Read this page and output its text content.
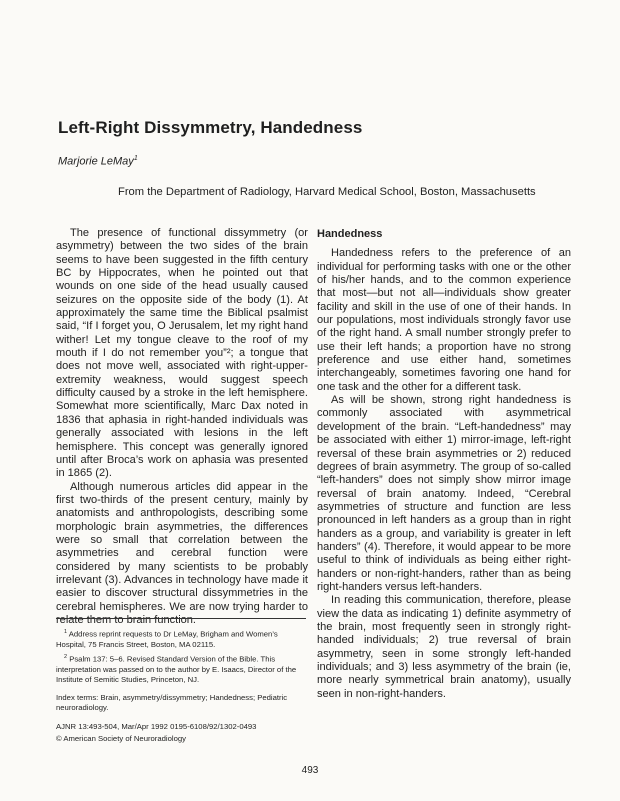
Left-Right Dissymmetry, Handedness
Marjorie LeMay$^1$
From the Department of Radiology, Harvard Medical School, Boston, Massachusetts

The presence of functional dissymmetry (or asymmetry) between the two sides of the brain seems to have been suggested in the fifth century BC by Hippocrates, when he pointed out that wounds on one side of the head usually caused seizures on the opposite side of the body (1). At approximately the same time the Biblical psalmist said, “If I forget you, O Jerusalem, let my right hand wither! Let my tongue cleave to the roof of my mouth if I do not remember you”²; a tongue that does not move well, associated with right-upper-extremity weakness, would suggest speech difficulty caused by a stroke in the left hemisphere. Somewhat more scientifically, Marc Dax noted in 1836 that aphasia in right-handed individuals was generally associated with lesions in the left hemisphere. This concept was generally ignored until after Broca’s work on aphasia was presented in 1865 (2).

Although numerous articles did appear in the first two-thirds of the present century, mainly by anatomists and anthropologists, describing some morphologic brain asymmetries, the differences were so small that correlation between the asymmetries and cerebral function were considered by many scientists to be probably irrelevant (3). Advances in technology have made it easier to discover structural dissymmetries in the cerebral hemispheres. We are now trying harder to relate them to brain function.

$^1$ Address reprint requests to Dr LeMay, Brigham and Women’s Hospital, 75 Francis Street, Boston, MA 02115.

$^2$ Psalm 137: 5–6. Revised Standard Version of the Bible. This interpretation was passed on to the author by E. Isaacs, Director of the Institute of Semitic Studies, Princeton, NJ.

Index terms: Brain, asymmetry/dissymmetry; Handedness; Pediatric neuroradiology.

AJNR 13:493-504, Mar/Apr 1992 0195-6108/92/1302-0493

© American Society of Neuroradiology

Handedness

Handedness refers to the preference of an individual for performing tasks with one or the other of his/her hands, and to the common experience that most—but not all—individuals show greater facility and skill in the use of one of their hands. In our populations, most individuals strongly favor use of the right hand. A small number strongly prefer to use their left hands; a proportion have no strong preference and use either hand, sometimes interchangeably, sometimes favoring one hand for one task and the other for a different task.

As will be shown, strong right handedness is commonly associated with asymmetrical development of the brain. “Left-handedness” may be associated with either 1) mirror-image, left-right reversal of these brain asymmetries or 2) reduced degrees of brain asymmetry. The group of so-called “left-handers” does not simply show mirror image reversal of brain anatomy. Indeed, “Cerebral asymmetries of structure and function are less pronounced in left handers as a group than in right handers as a group, and variability is greater in left handers” (4). Therefore, it would appear to be more useful to think of individuals as being either right-handers or non-right-handers, rather than as being right-handers versus left-handers.

In reading this communication, therefore, please view the data as indicating 1) definite asymmetry of the brain, most frequently seen in strongly right-handed individuals; 2) true reversal of brain asymmetry, seen in some strongly left-handed individuals; and 3) less asymmetry of the brain (ie, more nearly symmetrical brain anatomy), usually seen in non-right-handers.

493
